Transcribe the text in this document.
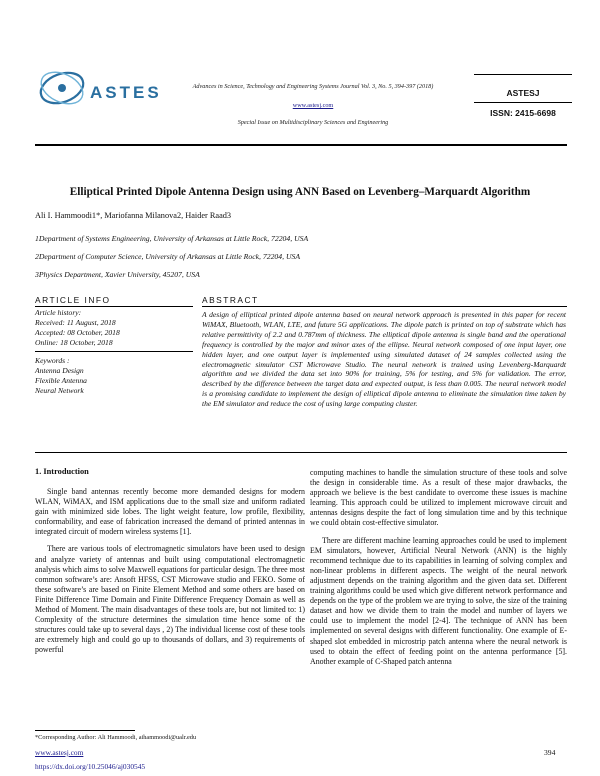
ASTES	Advances in Science, Technology and Engineering Systems Journal Vol. 3, No. 5, 394-397 (2018)
www.astesj.com
Special Issue on Multidisciplinary Sciences and Engineering
ASTESJ
ISSN: 2415-6698
Elliptical Printed Dipole Antenna Design using ANN Based on Levenberg–Marquardt Algorithm
Ali I. Hammoodi1*, Mariofanna Milanova2, Haider Raad3
1Department of Systems Engineering, University of Arkansas at Little Rock, 72204, USA
2Department of Computer Science, University of Arkansas at Little Rock, 72204, USA
3Physics Department, Xavier University, 45207, USA
ARTICLE INFO
Article history:
Received: 11 August, 2018
Accepted: 08 October, 2018
Online: 18 October, 2018
Keywords :
Antenna Design
Flexible Antenna
Neural Network
ABSTRACT
A design of elliptical printed dipole antenna based on neural network approach is presented in this paper for recent WiMAX, Bluetooth, WLAN, LTE, and future 5G applications. The dipole patch is printed on top of substrate which has relative permittivity of 2.2 and 0.787mm of thickness. The elliptical dipole antenna is single band and the operational frequency is controlled by the major and minor axes of the ellipse. Neural network composed of one input layer, one hidden layer, and one output layer is implemented using simulated dataset of 24 samples collected using the electromagnetic simulator CST Microwave Studio. The neural network is trained using Levenberg-Marquardt algorithm and we divided the data set into 90% for training, 5% for testing, and 5% for validation. The error, described by the difference between the target data and expected output, is less than 0.005. The neural network model is a promising candidate to implement the design of elliptical dipole antenna to eliminate the simulation time taken by the EM simulator and reduce the cost of using large computing cluster.
1. Introduction

Single band antennas recently become more demanded designs for modern WLAN, WiMAX, and ISM applications due to the small size and uniform radiated gain with minimized side lobes. The light weight feature, low profile, flexibility, conformability, and ease of fabrication increased the demand of printed antennas in integrated circuit of modern wireless systems [1].

There are various tools of electromagnetic simulators have been used to design and analyze variety of antennas and built using computational electromagnetic analysis which aims to solve Maxwell equations for particular design. The three most common software’s are: Ansoft HFSS, CST Microwave studio and FEKO. Some of these software’s are based on Finite Element Method and some others are based on Finite Difference Time Domain and Finite Difference Frequency Domain as well as Method of Moment. The main disadvantages of these tools are, but not limited to: 1) Complexity of the structure determines the simulation time hence some of the structures could take up to several days , 2) The individual license cost of these tools are extremely high and could go up to thousands of dollars, and 3) requirements of powerful

computing machines to handle the simulation structure of these tools and solve the design in considerable time. As a result of these major drawbacks, the approach we believe is the best candidate to overcome these issues is machine learning. This approach could be utilized to implement microwave circuit and antennas designs despite the fact of long simulation time and by this technique we could obtain cost-effective simulator.

There are different machine learning approaches could be used to implement EM simulators, however, Artificial Neural Network (ANN) is the highly recommend technique due to its capabilities in learning of solving complex and non-linear problems in different aspects. The weight of the neural network adjustment depends on the training algorithm and the given data set. Different training algorithms could be used which give different network performance and depends on the type of the problem we are trying to solve, the size of the training dataset and how we divide them to train the model and number of layers we could use to implement the model [2-4]. The technique of ANN has been implemented on several designs with different functionality. One example of E-shaped slot embedded in microstrip patch antenna where the neural network is used to obtain the effect of feeding point on the antenna performance [5]. Another example of C-Shaped patch antenna

*Corresponding Author: Ali Hammoodi, aihammoodi@ualr.edu
www.astesj.com
https://dx.doi.org/10.25046/aj030545
394
